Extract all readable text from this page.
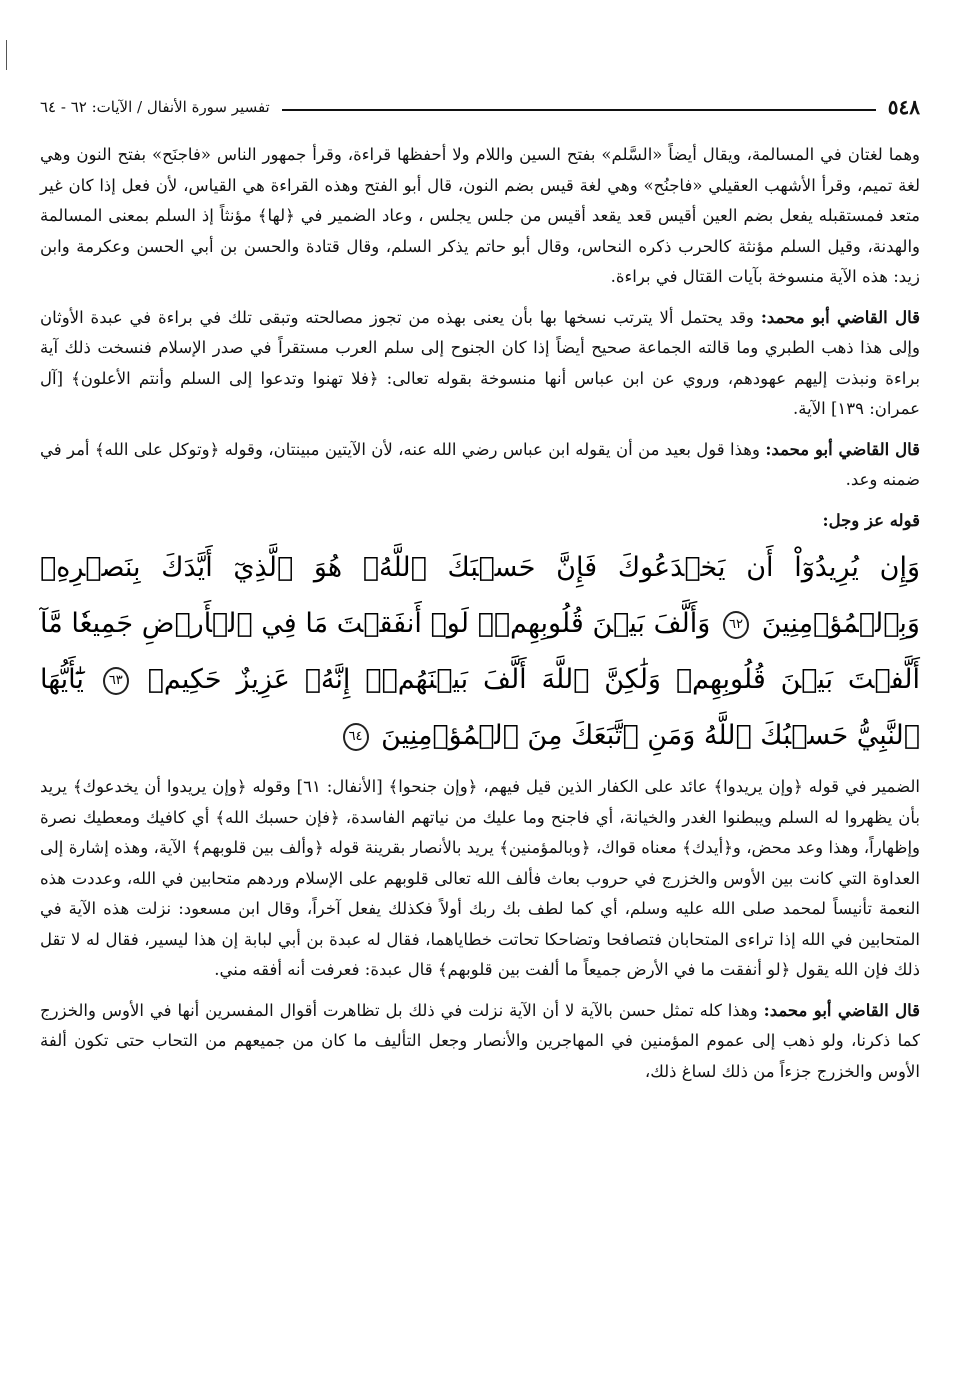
٥٤٨
تفسير سورة الأنفال / الآيات: ٦٢ - ٦٤

وهما لغتان في المسالمة، ويقال أيضاً «السَّلم» بفتح السين واللام ولا أحفظها قراءة، وقرأ جمهور الناس «فاجنَح» بفتح النون وهي لغة تميم، وقرأ الأشهب العقيلي «فاجنُح» وهي لغة قيس بضم النون، قال أبو الفتح وهذه القراءة هي القياس، لأن فعل إذا كان غير متعد فمستقبله يفعل بضم العين أقيس قعد يقعد أقيس من جلس يجلس ، وعاد الضمير في ﴿لها﴾ مؤنثاً إذ السلم بمعنى المسالمة والهدنة، وقيل السلم مؤنثة كالحرب ذكره النحاس، وقال أبو حاتم يذكر السلم، وقال قتادة والحسن بن أبي الحسن وعكرمة وابن زيد: هذه الآية منسوخة بآيات القتال في براءة.

قال القاضي أبو محمد: وقد يحتمل ألا يترتب نسخها بها بأن يعنى بهذه من تجوز مصالحته وتبقى تلك في براءة في عبدة الأوثان وإلى هذا ذهب الطبري وما قالته الجماعة صحيح أيضاً إذا كان الجنوح إلى سلم العرب مستقراً في صدر الإسلام فنسخت ذلك آية براءة ونبذت إليهم عهودهم، وروي عن ابن عباس أنها منسوخة بقوله تعالى: ﴿فلا تهنوا وتدعوا إلى السلم وأنتم الأعلون﴾ [آل عمران: ١٣٩] الآية.

قال القاضي أبو محمد: وهذا قول بعيد من أن يقوله ابن عباس رضي الله عنه، لأن الآيتين مبينتان، وقوله ﴿وتوكل على الله﴾ أمر في ضمنه وعد.

قوله عز وجل:

وَإِن يُرِيدُوٓاْ أَن يَخۡدَعُوكَ فَإِنَّ حَسۡبَكَ ٱللَّهُۚ هُوَ ٱلَّذِيٓ أَيَّدَكَ بِنَصۡرِهِۦ وَبِٱلۡمُؤۡمِنِينَ ٦٢ وَأَلَّفَ بَيۡنَ قُلُوبِهِمۡۚ لَوۡ أَنفَقۡتَ مَا فِي ٱلۡأَرۡضِ جَمِيعٗا مَّآ أَلَّفۡتَ بَيۡنَ قُلُوبِهِمۡ وَلَٰكِنَّ ٱللَّهَ أَلَّفَ بَيۡنَهُمۡۚ إِنَّهُۥ عَزِيزٌ حَكِيمٞ ٦٣ يَٰٓأَيُّهَا ٱلنَّبِيُّ حَسۡبُكَ ٱللَّهُ وَمَنِ ٱتَّبَعَكَ مِنَ ٱلۡمُؤۡمِنِينَ ٦٤

الضمير في قوله ﴿وإن يريدوا﴾ عائد على الكفار الذين قيل فيهم، ﴿وإن جنحوا﴾ [الأنفال: ٦١] وقوله ﴿وإن يريدوا أن يخدعوك﴾ يريد بأن يظهروا له السلم ويبطنوا الغدر والخيانة، أي فاجنح وما عليك من نياتهم الفاسدة، ﴿فإن حسبك الله﴾ أي كافيك ومعطيك نصرة وإظهاراً، وهذا وعد محض، و﴿أيدك﴾ معناه قواك، ﴿وبالمؤمنين﴾ يريد بالأنصار بقرينة قوله ﴿وألف بين قلوبهم﴾ الآية، وهذه إشارة إلى العداوة التي كانت بين الأوس والخزرج في حروب بعاث فألف الله تعالى قلوبهم على الإسلام وردهم متحابين في الله، وعددت هذه النعمة تأنيساً لمحمد صلى الله عليه وسلم، أي كما لطف بك ربك أولاً فكذلك يفعل آخراً، وقال ابن مسعود: نزلت هذه الآية في المتحابين في الله إذا تراءى المتحابان فتصافحا وتضاحكا تحاتت خطاياهما، فقال له عبدة بن أبي لبابة إن هذا ليسير، فقال له لا تقل ذلك فإن الله يقول ﴿لو أنفقت ما في الأرض جميعاً ما ألفت بين قلوبهم﴾ قال عبدة: فعرفت أنه أفقه مني.

قال القاضي أبو محمد: وهذا كله تمثل حسن بالآية لا أن الآية نزلت في ذلك بل تظاهرت أقوال المفسرين أنها في الأوس والخزرج كما ذكرنا، ولو ذهب إلى عموم المؤمنين في المهاجرين والأنصار وجعل التأليف ما كان من جميعهم من التحاب حتى تكون ألفة الأوس والخزرج جزءاً من ذلك لساغ ذلك،
